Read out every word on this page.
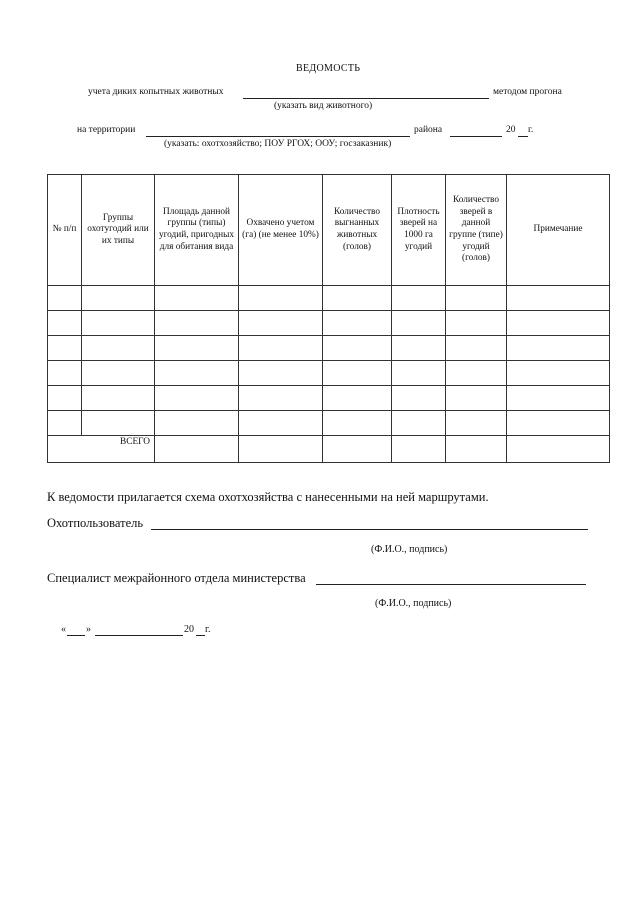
ВЕДОМОСТЬ
учета диких копытных животных	методом прогона
(указать вид животного)
на территории	района	20 г.
(указать: охотхозяйство; ПОУ РГОХ; ООУ; госзаказник)
№ п/п	Группы охотугодий или их типы	Площадь данной группы (типы) угодий, пригодных для обитания вида	Охвачено учетом (га) (не менее 10%)	Количество выгнанных животных (голов)	Плотность зверей на 1000 га угодий	Количество зверей в данной группе (типе) угодий (голов)	Примечание

ВСЕГО							
К ведомости прилагается схема охотхозяйства с нанесенными на ней маршрутами.
Охотпользователь
(Ф.И.О., подпись)
Специалист межрайонного отдела министерства
(Ф.И.О., подпись)
« »	20 г.
